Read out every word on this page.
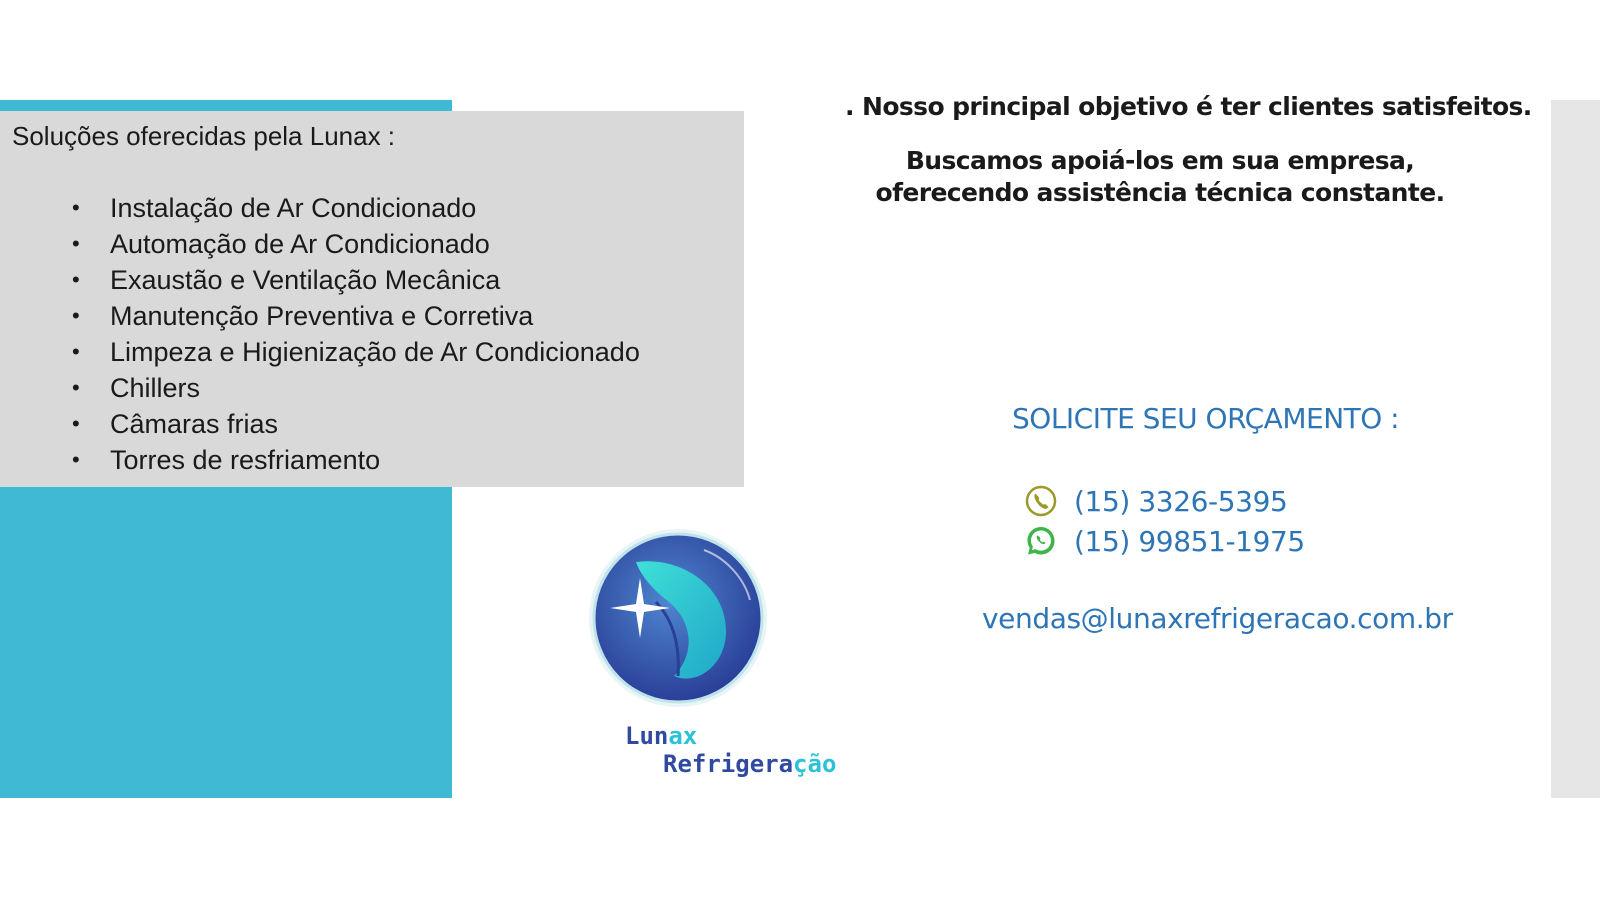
Soluções oferecidas pela Lunax :
• Instalação de Ar Condicionado
• Automação de Ar Condicionado
• Exaustão e Ventilação Mecânica
• Manutenção Preventiva e Corretiva
• Limpeza e Higienização de Ar Condicionado
• Chillers
• Câmaras frias
• Torres de resfriamento
. Nosso principal objetivo é ter clientes satisfeitos.
Buscamos apoiá-los em sua empresa, oferecendo assistência técnica constante.
SOLICITE SEU ORÇAMENTO :
(15) 3326-5395
(15) 99851-1975
vendas@lunaxrefrigeracao.com.br
Lunax
Refrigeração
